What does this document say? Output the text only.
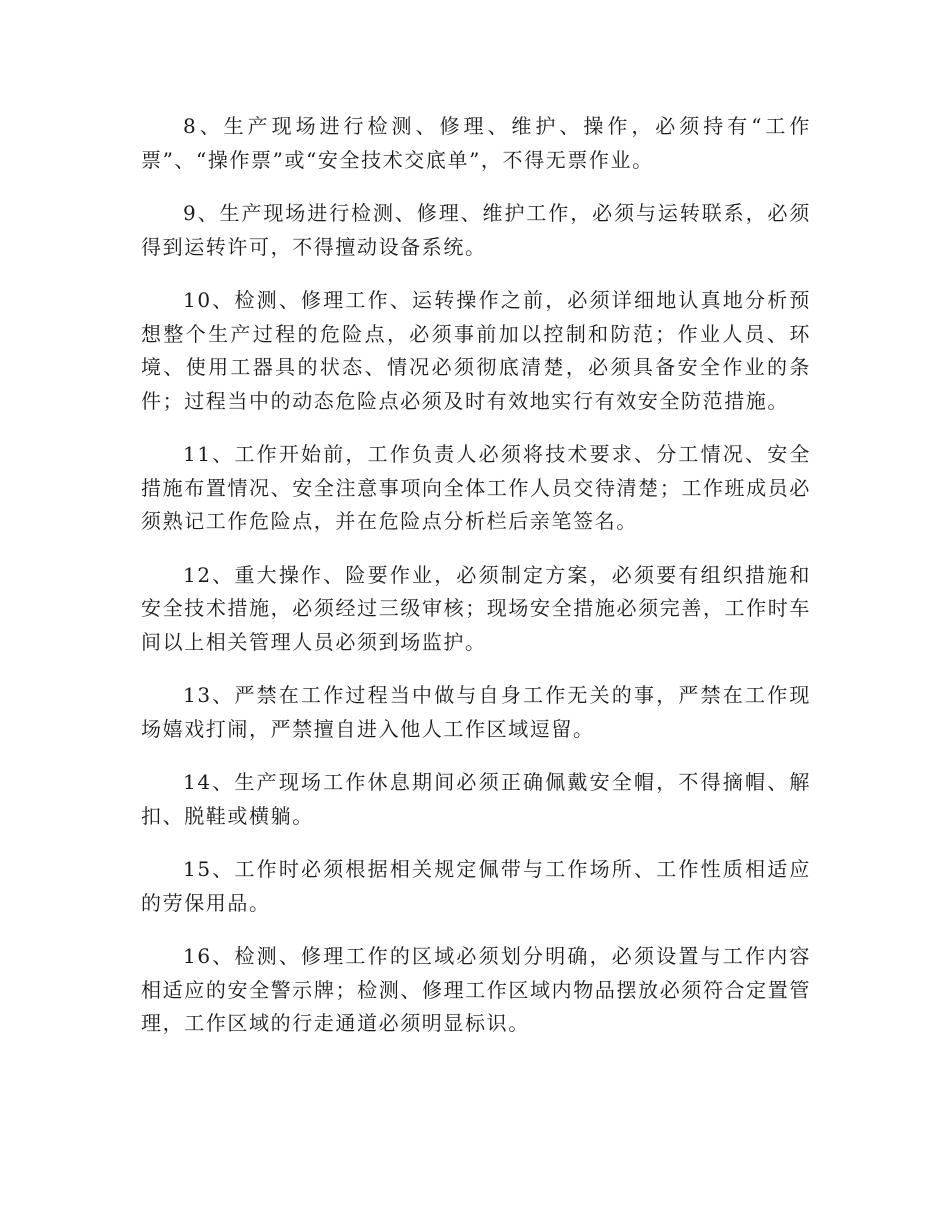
8、生产现场进行检测、修理、维护、操作，必须持有“工作票”、“操作票”或“安全技术交底单”，不得无票作业。

9、生产现场进行检测、修理、维护工作，必须与运转联系，必须得到运转许可，不得擅动设备系统。

10、检测、修理工作、运转操作之前，必须详细地认真地分析预想整个生产过程的危险点，必须事前加以控制和防范；作业人员、环境、使用工器具的状态、情况必须彻底清楚，必须具备安全作业的条件；过程当中的动态危险点必须及时有效地实行有效安全防范措施。

11、工作开始前，工作负责人必须将技术要求、分工情况、安全措施布置情况、安全注意事项向全体工作人员交待清楚；工作班成员必须熟记工作危险点，并在危险点分析栏后亲笔签名。

12、重大操作、险要作业，必须制定方案，必须要有组织措施和安全技术措施，必须经过三级审核；现场安全措施必须完善，工作时车间以上相关管理人员必须到场监护。

13、严禁在工作过程当中做与自身工作无关的事，严禁在工作现场嬉戏打闹，严禁擅自进入他人工作区域逗留。

14、生产现场工作休息期间必须正确佩戴安全帽，不得摘帽、解扣、脱鞋或横躺。

15、工作时必须根据相关规定佩带与工作场所、工作性质相适应的劳保用品。

16、检测、修理工作的区域必须划分明确，必须设置与工作内容相适应的安全警示牌；检测、修理工作区域内物品摆放必须符合定置管理，工作区域的行走通道必须明显标识。
